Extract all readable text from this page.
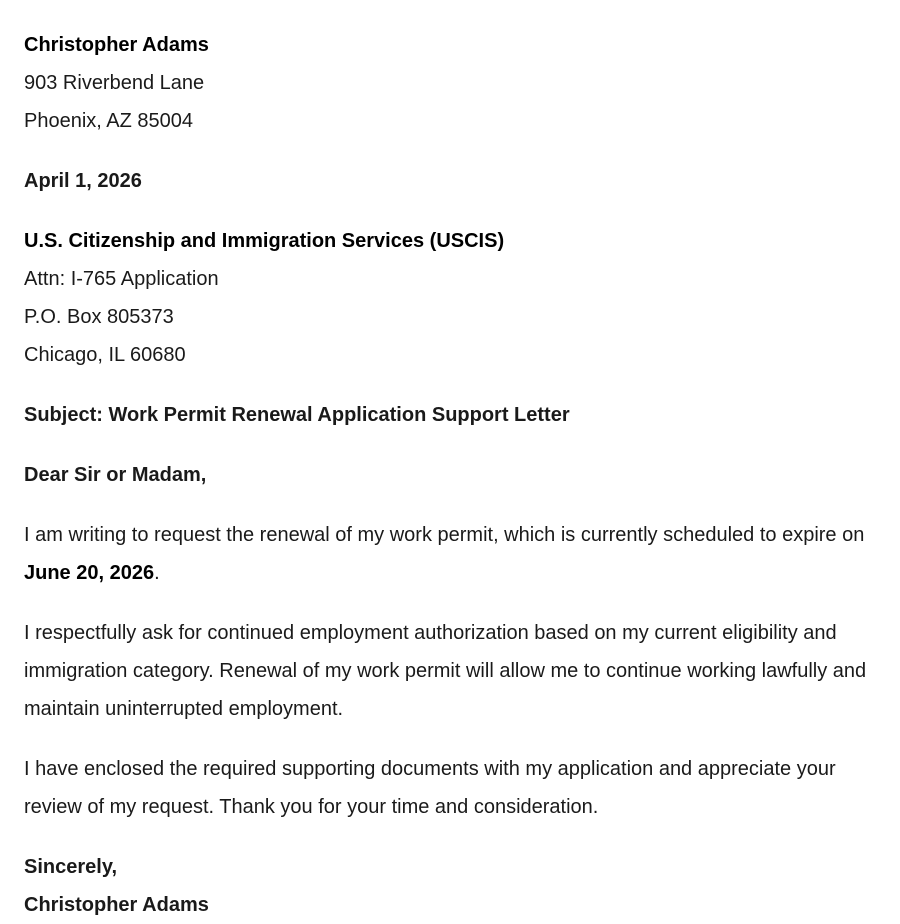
Christopher Adams
903 Riverbend Lane
Phoenix, AZ 85004
April 1, 2026
U.S. Citizenship and Immigration Services (USCIS)
Attn: I-765 Application
P.O. Box 805373
Chicago, IL 60680
Subject: Work Permit Renewal Application Support Letter
Dear Sir or Madam,

I am writing to request the renewal of my work permit, which is currently scheduled to expire on June 20, 2026.

I respectfully ask for continued employment authorization based on my current eligibility and immigration category. Renewal of my work permit will allow me to continue working lawfully and maintain uninterrupted employment.

I have enclosed the required supporting documents with my application and appreciate your review of my request. Thank you for your time and consideration.

Sincerely,
Christopher Adams
